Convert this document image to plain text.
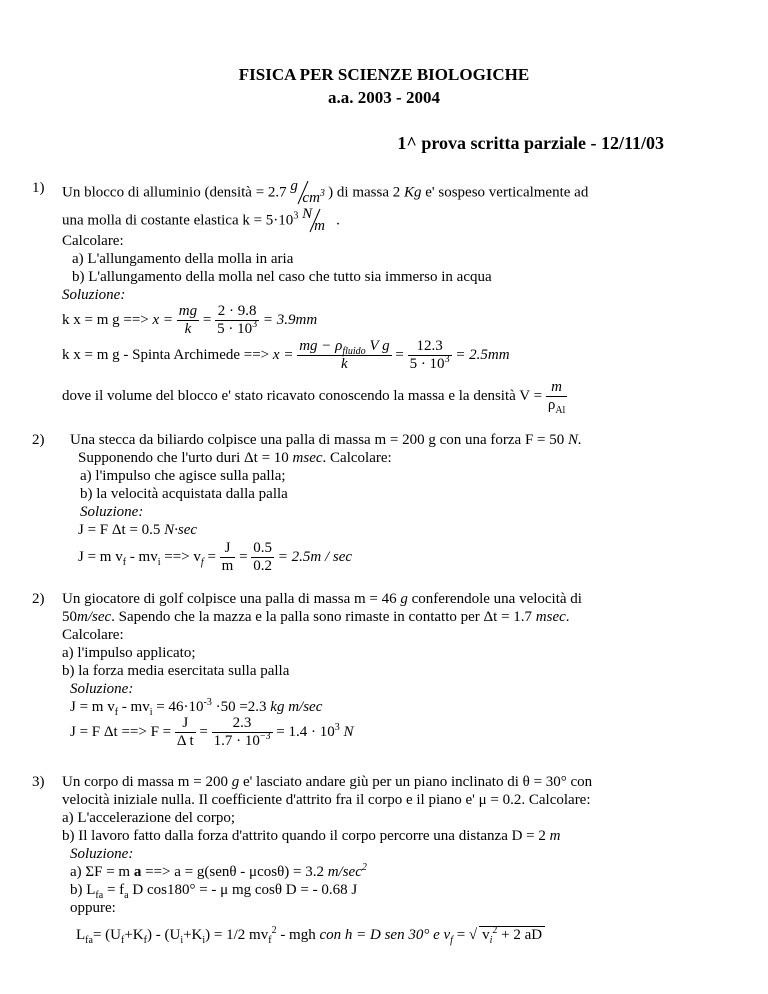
FISICA PER SCIENZE BIOLOGICHE
a.a. 2003 - 2004
1^ prova scritta parziale - 12/11/03
1) Un blocco di alluminio (densità = 2.7 g
$cm^3$ ) di massa 2 Kg e' sospeso verticalmente ad
una molla di costante elastica $k = 5\cdot 10^3$ N
m .
Calcolare:
a) L'allungamento della molla in aria
b) L'allungamento della molla nel caso che tutto sia immerso in acqua
Soluzione:
k x = m g ==> $x = \frac{mg}{k} = \frac{2 \cdot 9.8}{5 \cdot 10^3} = 3.9mm$
k x = m g - Spinta Archimede ==> $x = \frac{mg - \rho_{fluido} V g}{k} = \frac{12.3}{5 \cdot 10^3} = 2.5mm$
dove il volume del blocco e' stato ricavato conoscendo la massa e la densità $V = \frac{m}{\rho_{Al}}$
2) Una stecca da biliardo colpisce una palla di massa m = 200 g con una forza F = 50 N.
Supponendo che l'urto duri Δt = 10 msec. Calcolare:
a) l'impulso che agisce sulla palla;
b) la velocità acquistata dalla palla
Soluzione:
J = F Δt = 0.5 N·sec
J = m $v_f - mv_i$ ==> $v_f = \frac{J}{m} = \frac{0.5}{0.2} = 2.5m / \sec$
2) Un giocatore di golf colpisce una palla di massa m = 46 g conferendole una velocità di
50m/sec. Sapendo che la mazza e la palla sono rimaste in contatto per Δt = 1.7 msec.
Calcolare:
a) l'impulso applicato;
b) la forza media esercitata sulla palla
Soluzione:
J = m $v_f - mv_i = 46\cdot 10^{-3} \cdot 50 =2.3$ kg m/sec
J = F Δt ==> $F = \frac{J}{\text{Δ t}} = \frac{2.3}{1.7 \cdot 10^{-3}} = 1.4 \cdot 10^3$ N
3) Un corpo di massa m = 200 g e' lasciato andare giù per un piano inclinato di θ = 30° con
velocità iniziale nulla. Il coefficiente d'attrito fra il corpo e il piano e' μ = 0.2. Calcolare:
a) L'accelerazione del corpo;
b) Il lavoro fatto dalla forza d'attrito quando il corpo percorre una distanza D = 2 m
Soluzione:
a) ΣF = m a ==> a = g(senθ - μcosθ) = 3.2 $m/\sec^2$
b) $L_{fa} = f_a$ D cos180° = - μ mg cosθ D = - 0.68 J
oppure:
$L_{fa}= (U_f+K_f) - (U_i+K_i) = 1/2$ $mv_f^2$ - mgh con h = D sen 30° e $v_f$ = √ $v_i^2 + 2$ aD
